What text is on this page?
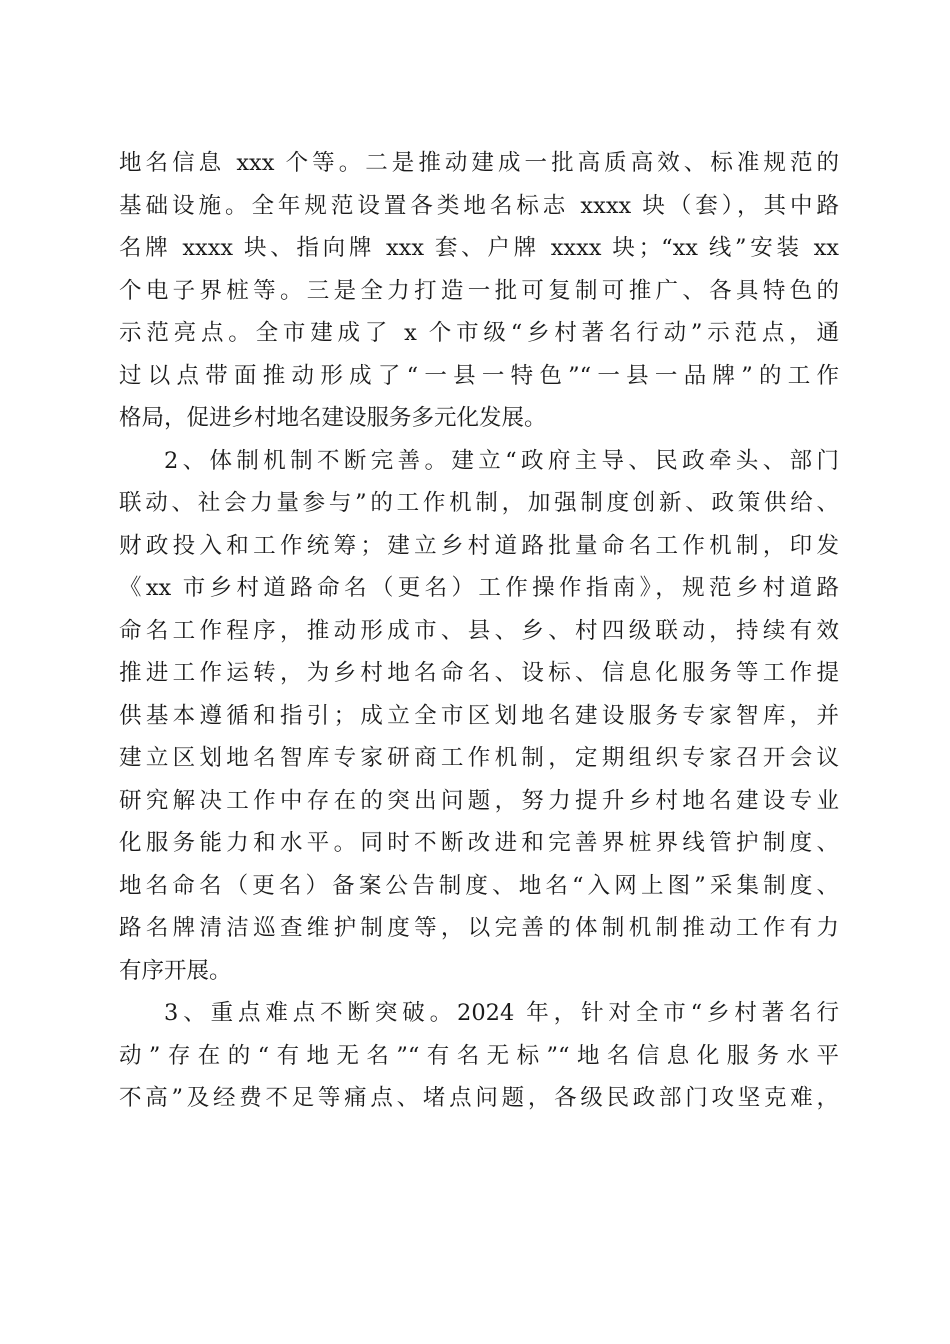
地名信息 xxx 个等。二是推动建成一批高质高效、标准规范的
基础设施。全年规范设置各类地名标志 xxxx 块（套），其中路
名牌 xxxx 块、指向牌 xxx 套、户牌 xxxx 块；“xx 线”安装 xx
个电子界桩等。三是全力打造一批可复制可推广、各具特色的
示范亮点。全市建成了 x 个市级“乡村著名行动”示范点，通
过以点带面推动形成了“一县一特色”“一县一品牌”的工作
格局，促进乡村地名建设服务多元化发展。
2、体制机制不断完善。建立“政府主导、民政牵头、部门
联动、社会力量参与”的工作机制，加强制度创新、政策供给、
财政投入和工作统筹；建立乡村道路批量命名工作机制，印发
《xx 市乡村道路命名（更名）工作操作指南》，规范乡村道路
命名工作程序，推动形成市、县、乡、村四级联动，持续有效
推进工作运转，为乡村地名命名、设标、信息化服务等工作提
供基本遵循和指引；成立全市区划地名建设服务专家智库，并
建立区划地名智库专家研商工作机制，定期组织专家召开会议
研究解决工作中存在的突出问题，努力提升乡村地名建设专业
化服务能力和水平。同时不断改进和完善界桩界线管护制度、
地名命名（更名）备案公告制度、地名“入网上图”采集制度、
路名牌清洁巡查维护制度等，以完善的体制机制推动工作有力
有序开展。
3、重点难点不断突破。2024 年，针对全市“乡村著名行
动”存在的“有地无名”“有名无标”“地名信息化服务水平
不高”及经费不足等痛点、堵点问题，各级民政部门攻坚克难，
